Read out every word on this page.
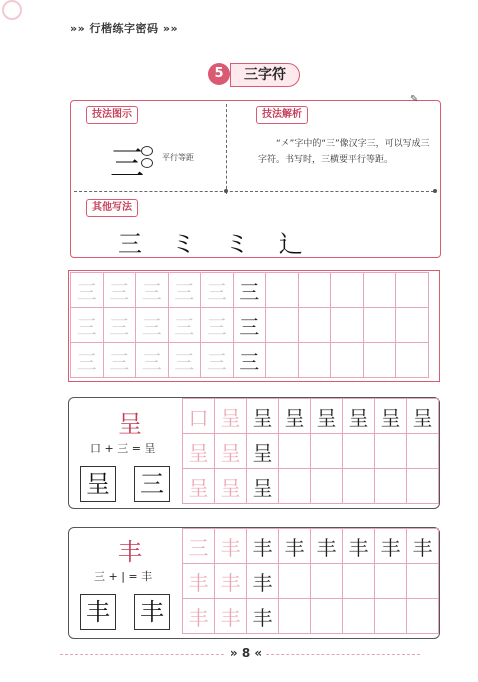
»» 行楷练字密码 »»
5	三字符
✎
技法图示	技法解析
其他写法
三 平行等距
“㐅”字中的“三”像汉字三，可以写成三字符。书写时，三横要平行等距。
三 ミ ミ 辶
三	三	三	三	三	三					
三	三	三	三	三	三					
三	三	三	三	三	三					
呈
口 + 三 = 呈
呈 三
口	呈	呈	呈	呈	呈	呈	呈
呈	呈	呈					
呈	呈	呈					
丰
三 + | = 丰
丰 丰
三	丰	丰	丰	丰	丰	丰	丰
丰	丰	丰					
丰	丰	丰					
» 8 «
